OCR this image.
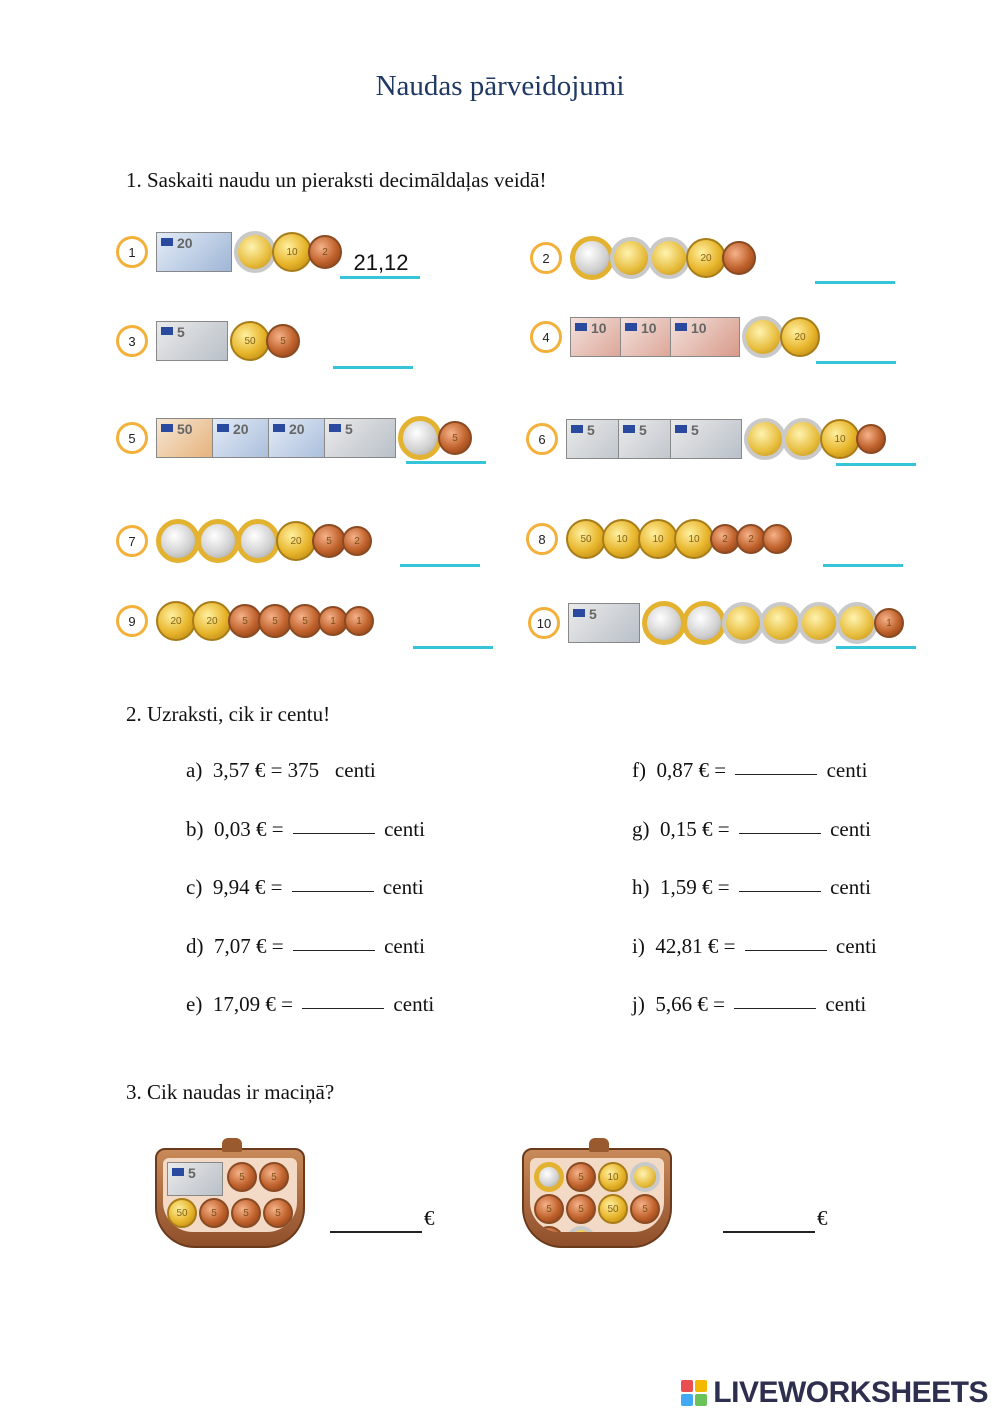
Naudas pārveidojumi
1. Saskaiti naudu un pieraksti decimāldaļas veidā!
1
20
10	2	21,12	2	20
3
5
50	5	4
10 10 10
20
5
50	20	20	5
5	6
5	5	5
10
7	20	5	2	8	50	10	10	10	2	2
9	20	20	5	5	5	1	1	10
5
1
2. Uzraksti, cik ir centu!
a)  3,57 € = 375   centi
b)  0,03 € =	centi
c)  9,94 € =	centi
d)  7,07 € =	centi
e)  17,09 € =	centi
f)  0,87 € =	centi
g)  0,15 € =	centi
h)  1,59 € =	centi
i)  42,81 € =	centi
j)  5,66 € =	centi
3. Cik naudas ir maciņā?
5	5	5
50	5	5	5	€
5	10
5	5	50	5	€
LIVEWORKSHEETS
